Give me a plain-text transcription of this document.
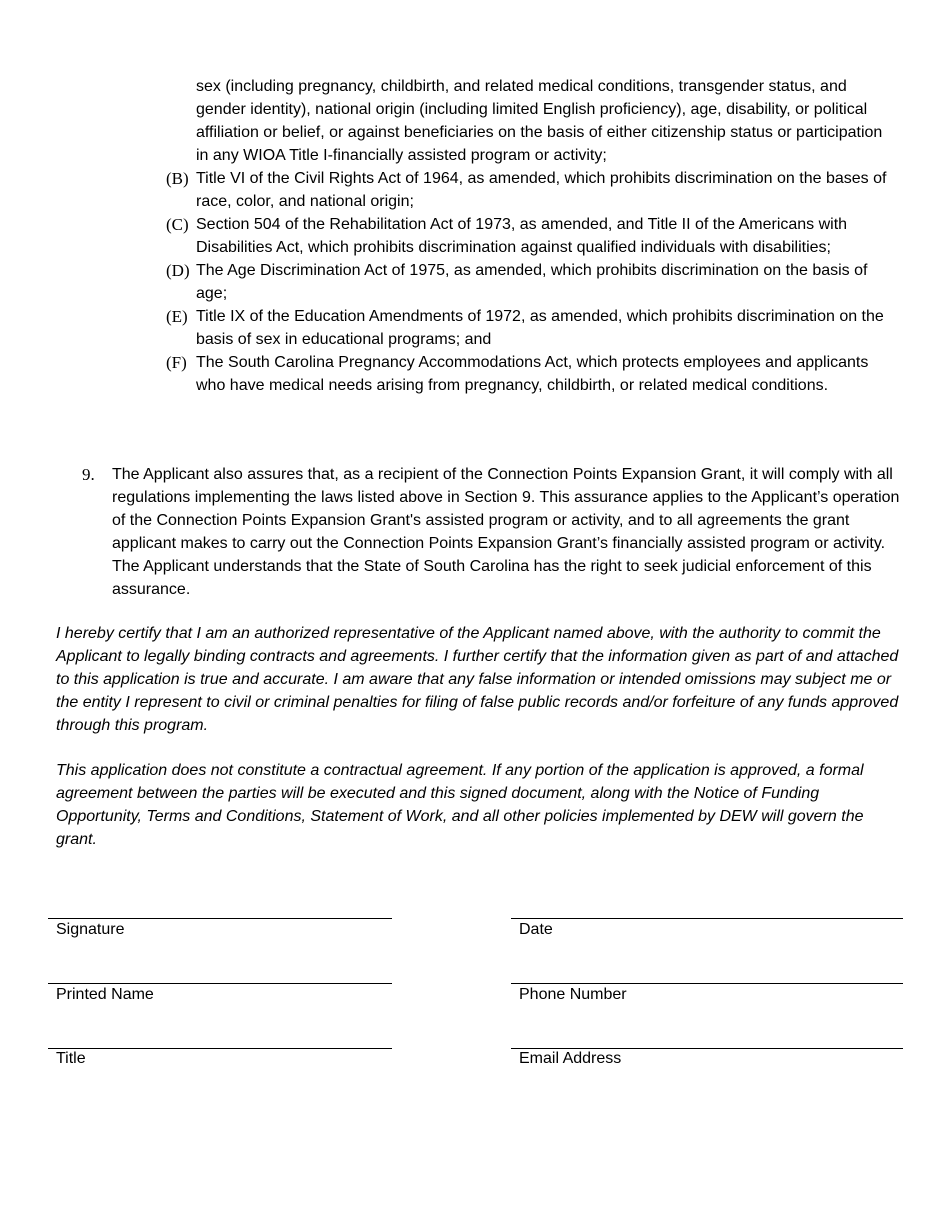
sex (including pregnancy, childbirth, and related medical conditions, transgender status, and gender identity), national origin (including limited English proficiency), age, disability, or political affiliation or belief, or against beneficiaries on the basis of either citizenship status or participation in any WIOA Title I-financially assisted program or activity;

(B) Title VI of the Civil Rights Act of 1964, as amended, which prohibits discrimination on the bases of race, color, and national origin;
(C) Section 504 of the Rehabilitation Act of 1973, as amended, and Title II of the Americans with Disabilities Act, which prohibits discrimination against qualified individuals with disabilities;
(D) The Age Discrimination Act of 1975, as amended, which prohibits discrimination on the basis of age;
(E) Title IX of the Education Amendments of 1972, as amended, which prohibits discrimination on the basis of sex in educational programs; and
(F) The South Carolina Pregnancy Accommodations Act, which protects employees and applicants who have medical needs arising from pregnancy, childbirth, or related medical conditions.
9.	The Applicant also assures that, as a recipient of the Connection Points Expansion Grant, it will comply with all regulations implementing the laws listed above in Section 9. This assurance applies to the Applicant’s operation of the Connection Points Expansion Grant's assisted program or activity, and to all agreements the grant applicant makes to carry out the Connection Points Expansion Grant’s financially assisted program or activity. The Applicant understands that the State of South Carolina has the right to seek judicial enforcement of this assurance.

I hereby certify that I am an authorized representative of the Applicant named above, with the authority to commit the Applicant to legally binding contracts and agreements. I further certify that the information given as part of and attached to this application is true and accurate. I am aware that any false information or intended omissions may subject me or the entity I represent to civil or criminal penalties for filing of false public records and/or forfeiture of any funds approved through this program.

This application does not constitute a contractual agreement. If any portion of the application is approved, a formal agreement between the parties will be executed and this signed document, along with the Notice of Funding Opportunity, Terms and Conditions, Statement of Work, and all other policies implemented by DEW will govern the grant.

Signature	Date
Printed Name	Phone Number
Title	Email Address
